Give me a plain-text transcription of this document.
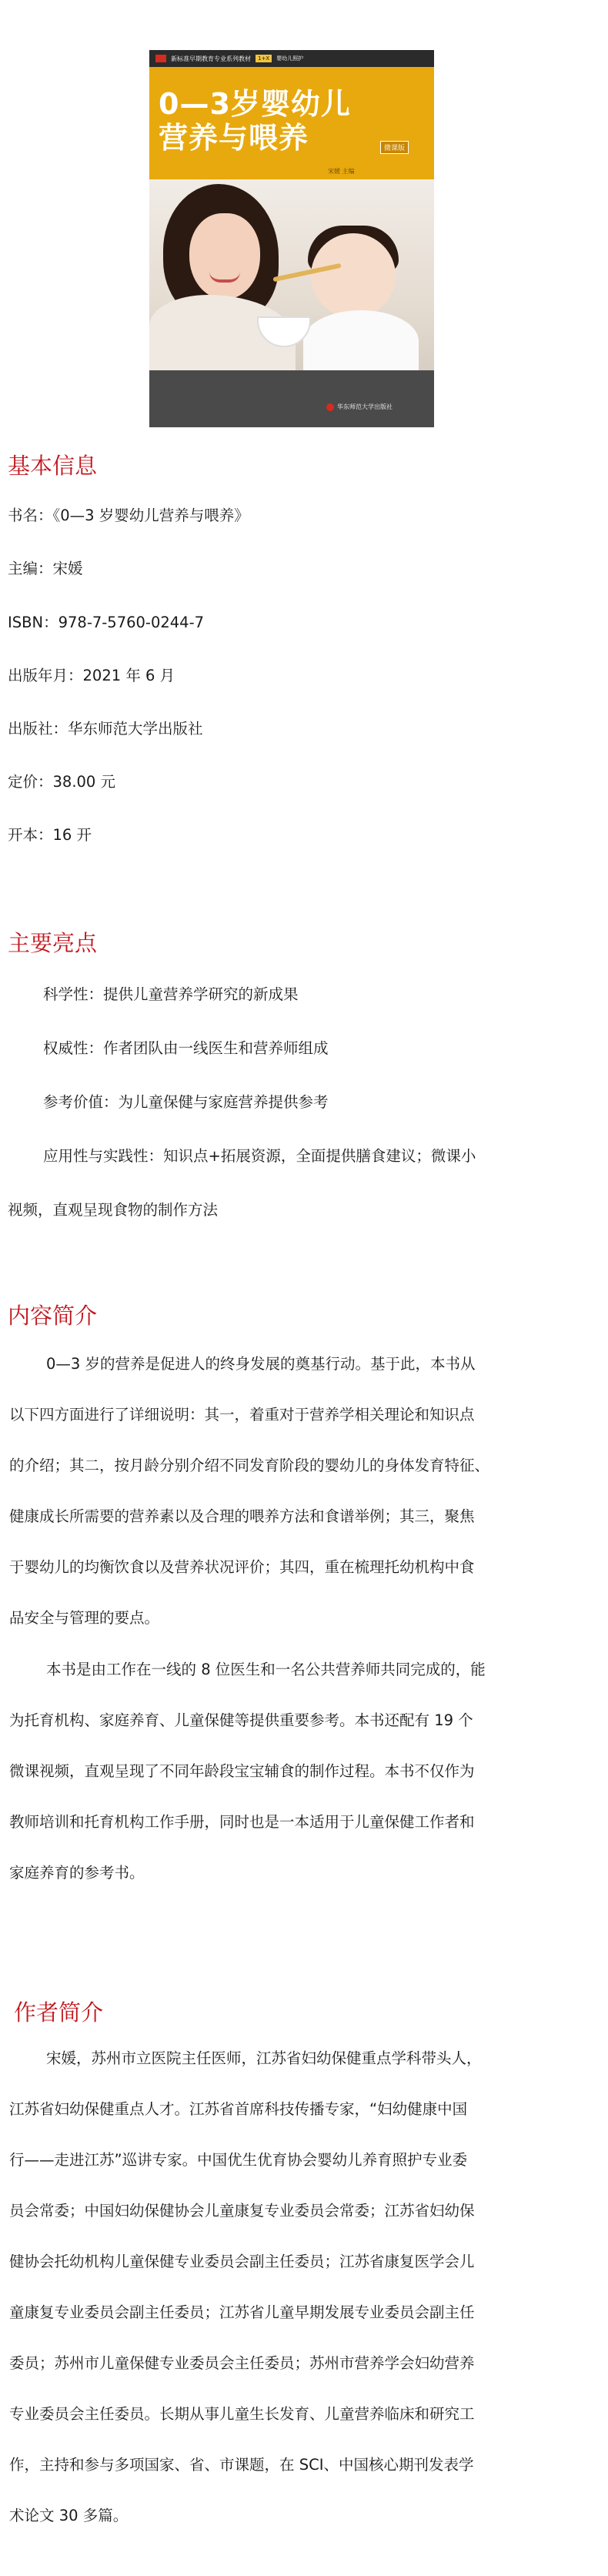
新标准早期教育专业系列教材	1+X	婴幼儿照护
0—3岁婴幼儿
营养与喂养	微课版
宋媛 主编
华东师范大学出版社
基本信息
书名：《0—3 岁婴幼儿营养与喂养》
主编：宋媛
ISBN：978-7-5760-0244-7
出版年月：2021 年 6 月
出版社：华东师范大学出版社
定价：38.00 元
开本：16 开
主要亮点
科学性：提供儿童营养学研究的新成果
权威性：作者团队由一线医生和营养师组成
参考价值：为儿童保健与家庭营养提供参考
应用性与实践性：知识点+拓展资源，全面提供膳食建议；微课小
视频，直观呈现食物的制作方法
内容简介
0—3 岁的营养是促进人的终身发展的奠基行动。基于此，本书从
以下四方面进行了详细说明：其一，着重对于营养学相关理论和知识点
的介绍；其二，按月龄分别介绍不同发育阶段的婴幼儿的身体发育特征、
健康成长所需要的营养素以及合理的喂养方法和食谱举例；其三，聚焦
于婴幼儿的均衡饮食以及营养状况评价；其四，重在梳理托幼机构中食
品安全与管理的要点。
本书是由工作在一线的 8 位医生和一名公共营养师共同完成的，能
为托育机构、家庭养育、儿童保健等提供重要参考。本书还配有 19 个
微课视频，直观呈现了不同年龄段宝宝辅食的制作过程。本书不仅作为
教师培训和托育机构工作手册，同时也是一本适用于儿童保健工作者和
家庭养育的参考书。
作者简介
宋媛，苏州市立医院主任医师，江苏省妇幼保健重点学科带头人，
江苏省妇幼保健重点人才。江苏省首席科技传播专家，“妇幼健康中国
行——走进江苏”巡讲专家。中国优生优育协会婴幼儿养育照护专业委
员会常委；中国妇幼保健协会儿童康复专业委员会常委；江苏省妇幼保
健协会托幼机构儿童保健专业委员会副主任委员；江苏省康复医学会儿
童康复专业委员会副主任委员；江苏省儿童早期发展专业委员会副主任
委员；苏州市儿童保健专业委员会主任委员；苏州市营养学会妇幼营养
专业委员会主任委员。长期从事儿童生长发育、儿童营养临床和研究工
作，主持和参与多项国家、省、市课题，在 SCI、中国核心期刊发表学
术论文 30 多篇。
